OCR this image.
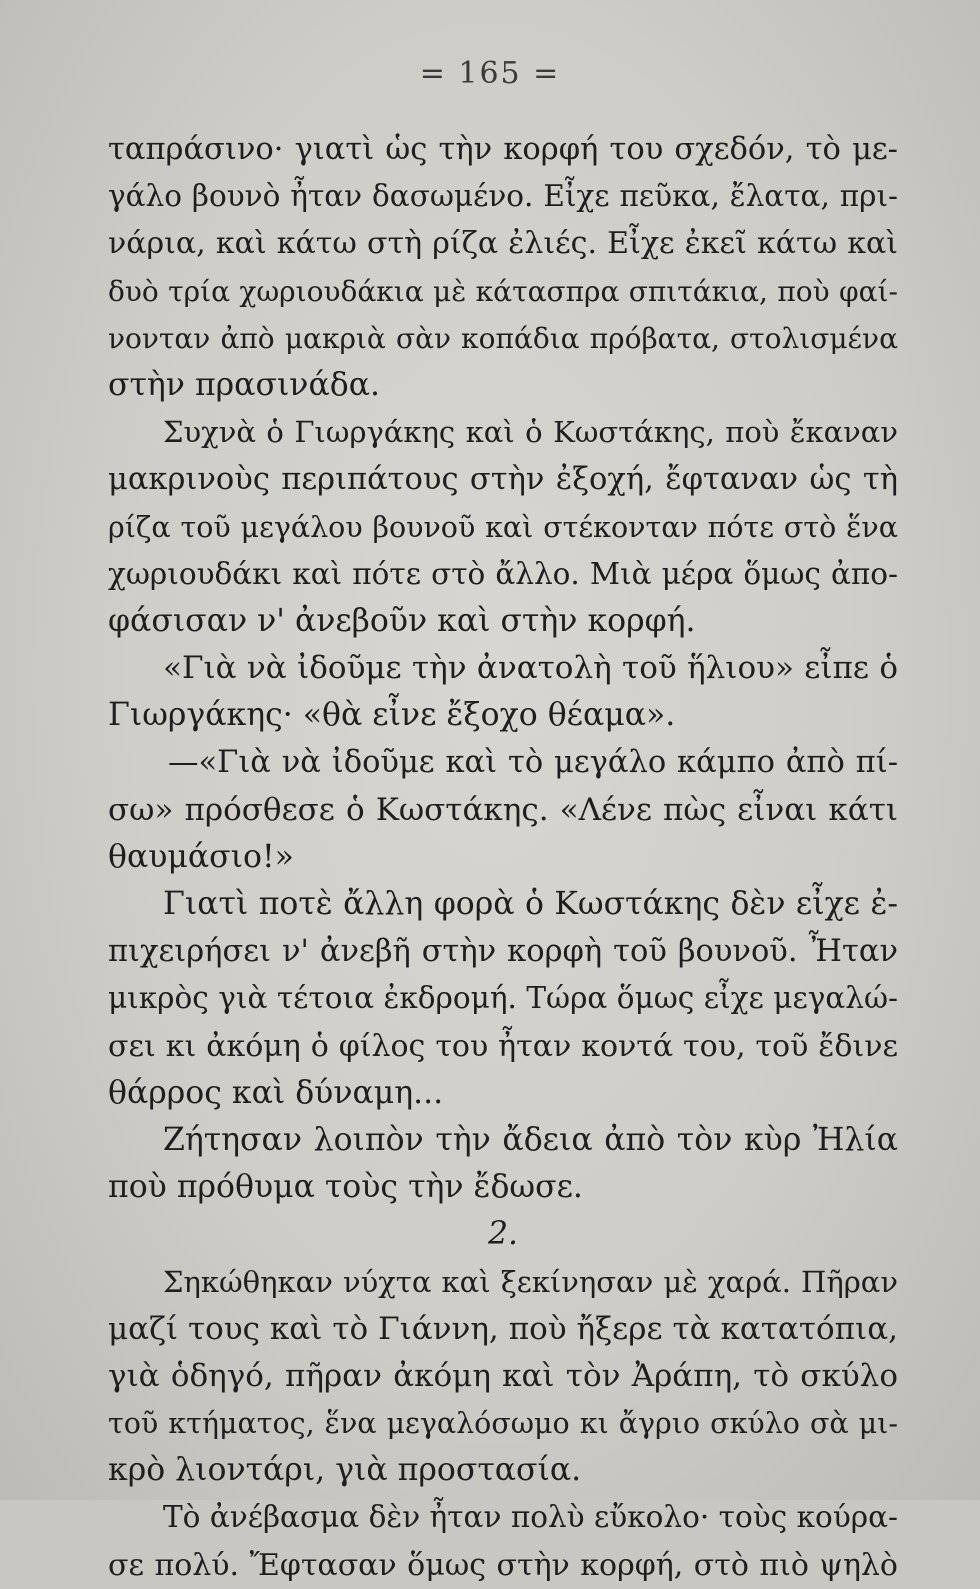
= 165 =
ταπράσινο· γιατὶ ὡς τὴν κορφή του σχεδόν, τὸ με-
γάλο βουνὸ ἦταν δασωμένο. Εἶχε πεῦκα, ἔλατα, πρι-
νάρια, καὶ κάτω στὴ ρίζα ἐλιές. Εἶχε ἐκεῖ κάτω καὶ
δυὸ τρία χωριουδάκια μὲ κάτασπρα σπιτάκια, ποὺ φαί-
νονταν ἀπὸ μακριὰ σὰν κοπάδια πρόβατα, στολισμένα
στὴν πρασινάδα.
Συχνὰ ὁ Γιωργάκης καὶ ὁ Κωστάκης, ποὺ ἔκαναν
μακρινοὺς περιπάτους στὴν ἐξοχή, ἔφταναν ὡς τὴ
ρίζα τοῦ μεγάλου βουνοῦ καὶ στέκονταν πότε στὸ ἕνα
χωριουδάκι καὶ πότε στὸ ἄλλο. Μιὰ μέρα ὅμως ἀπο-
φάσισαν ν' ἀνεβοῦν καὶ στὴν κορφή.
«Γιὰ νὰ ἰδοῦμε τὴν ἀνατολὴ τοῦ ἥλιου» εἶπε ὁ
Γιωργάκης· «θὰ εἶνε ἔξοχο θέαμα».
—«Γιὰ νὰ ἰδοῦμε καὶ τὸ μεγάλο κάμπο ἀπὸ πί-
σω» πρόσθεσε ὁ Κωστάκης. «Λένε πὼς εἶναι κάτι
θαυμάσιο!»
Γιατὶ ποτὲ ἄλλη φορὰ ὁ Κωστάκης δὲν εἶχε ἐ-
πιχειρήσει ν' ἀνεβῆ στὴν κορφὴ τοῦ βουνοῦ. Ἦταν
μικρὸς γιὰ τέτοια ἐκδρομή. Τώρα ὅμως εἶχε μεγαλώ-
σει κι ἀκόμη ὁ φίλος του ἦταν κοντά του, τοῦ ἔδινε
θάρρος καὶ δύναμη...
Ζήτησαν λοιπὸν τὴν ἄδεια ἀπὸ τὸν κὺρ Ἠλία
ποὺ πρόθυμα τοὺς τὴν ἔδωσε.
2.
Σηκώθηκαν νύχτα καὶ ξεκίνησαν μὲ χαρά. Πῆραν
μαζί τους καὶ τὸ Γιάννη, ποὺ ἤξερε τὰ κατατόπια,
γιὰ ὁδηγό, πῆραν ἀκόμη καὶ τὸν Ἀράπη, τὸ σκύλο
τοῦ κτήματος, ἕνα μεγαλόσωμο κι ἄγριο σκύλο σὰ μι-
κρὸ λιοντάρι, γιὰ προστασία.
Τὸ ἀνέβασμα δὲν ἦταν πολὺ εὔκολο· τοὺς κούρα-
σε πολύ. Ἔφτασαν ὅμως στὴν κορφή, στὸ πιὸ ψηλὸ
